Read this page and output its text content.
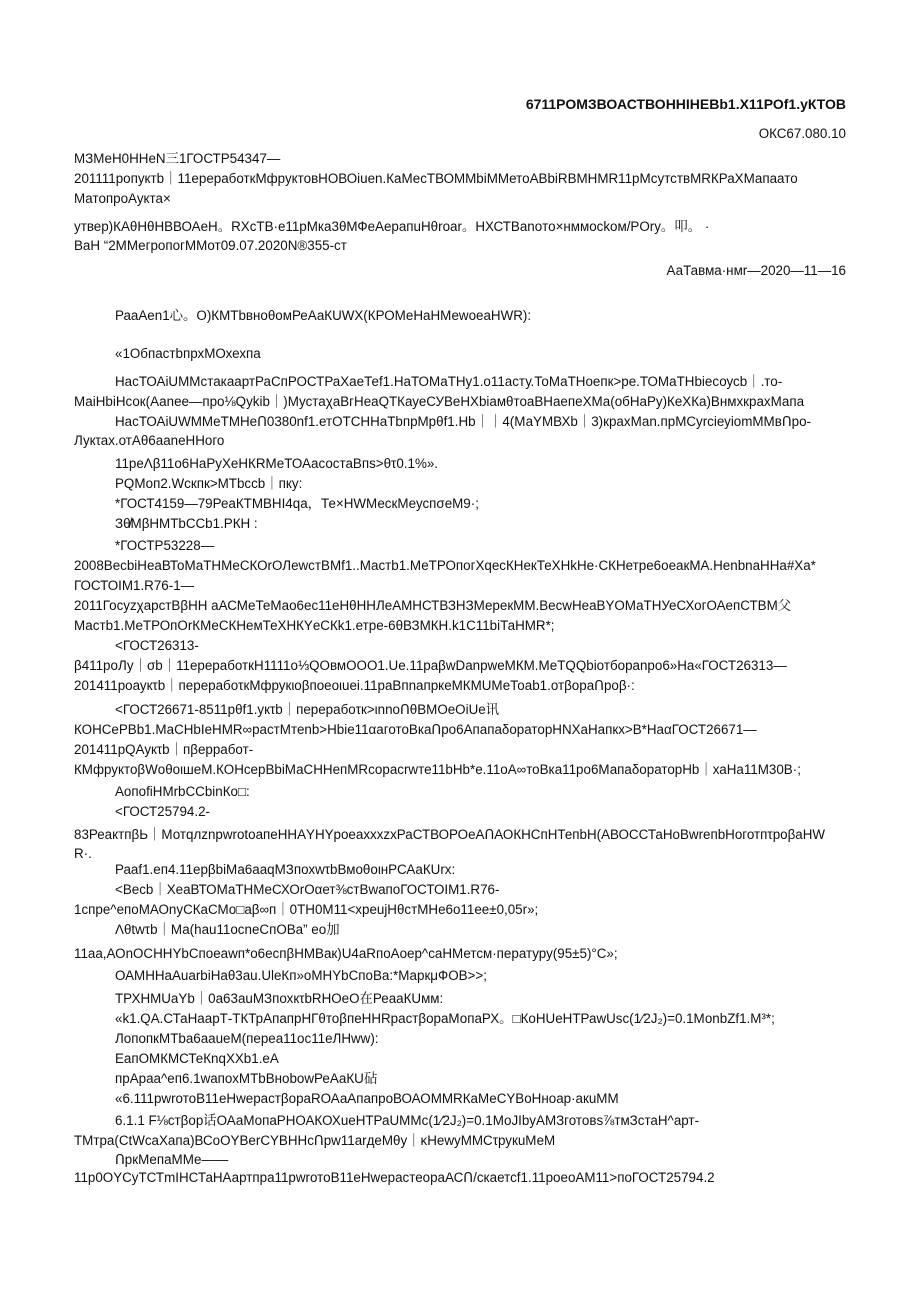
6711РОМЗВОАСТВОННIНЕВb1.Х11РОf1.уКТОВ
ОКС67.080.10
МЗМеН0ННеN三1ГОСТР54347—
201111ропуктb｜11ереработкМфруктовНОВОiuen.КаМесТВОММbiММетоАВbiRВМНМR11рМсутствМRКРаХМапаато
МатопроАукта×
утвер)КАθНθНВВОАеН。RХсТВ·е11рМка3θМФеАерапuНθroar。НХСТВanoто×нммосkом/POry。叩。 ·
ВаН “2ММегропогММот09.07.2020N®355-ст
АаТавма·нмr—2020—11—16
РааАеn1心。О)КМТbвнoθомРеАаКUWХ(КРОМеНаНМеwоеаНWR):
«1ОбпастbпрхМОхехпа
НасТОАiUММстакаартРаСпРОСТРаХаеТеf1.НаТОМаТНу1.о11асту.ТоМаТНоепк>ре.ТОМаТНbiесоусb｜.то-
МаiНbiНсок(Ааnее—про⅛Qуkib｜)МустаχаВгНеаQТКауеСУВеНХbiамθтоаВНаепеХМа(обНаРу)КеХКа)ВнмхкрахМапа
НасТОАiUWММеТМНеՈ0380nf1.етОТСННаТbпрМрθf1.Нb｜｜4(МаYМВХb｜3)крахМаn.прМСуrсiеуiоmММвՈро-
Лукτах.отАθ6ааnеННого
11реΛβ11о6НаРуХеНКRМеТОАасостаВпѕ>θτ0.1%».
РQМоп2.Wскпк>МТbссb｜пку:
*ГОСТ4159—79РеаКТМВНI4qa，Те×НWМескМеуспσеМ9·;
Зθ̸МβНМТbССb1.РКН :
*ГОСТР53228—
2008ВесbiНеаВТоМаТНМеСКОrОЛеwстВМf1..Мастb1.МеТРОпогХqесКНекТеХНkНе·СКНетре6оеакМА.НеnbnаННа#Ха*
ГОСТОIМ1.R76-1—
2011ГосуzχарстВβНН аАСМеТеМао6ес11еНθННЛеАМНСТВЗНЗМерекММ.ВесwНеаВYОМаТНУеСХогОАепСТВМ父
Мастb1.МеТРОпОrКМеСКНемТеХНКYеСКk1.етре-6θВЗМКН.k1С11biТаНМR*;
<ГОСТ26313-
β411роЛу｜σb｜11ереработкН1111о⅓QОвмООО1.Uе.11раβwDanpweМКМ.МеТQQbiотбоpanpо6»На«ГОСТ26313—
201411роаукτb｜перерабоτкМфрукιоβпоеоιuеi.11раВпnапркеМКМUМеТоаb1.отβораՈроβ·:
<ГОСТ26671-8511рθf1.укτb｜перерабоτк>ιnnоՈθВМОеОiUе讯
КОНСеРВb1.МаСНbIеНМR∞растМтеnb>Нbiе11αаготоВкаՈро6АпапаδораторНNХаНапкх>В*НаαГОСТ26671—
201411рQАукτb｜пβерработ-
КМфруктоβWоθоιшеМ.КОНсерВbiМаСННепМRсорасrwте11bНb*е.11оА∞тоВка11ро6МапаδораторНb｜хаНа11М30В·;
АопоfiНМrbССbinКо□:
<ГОСТ25794.2-
83РеактпβЬ｜МотqлznpwrоtоапеННАYНYроеахххzхРаСТВОРОеАՈАОКНСпНТепbН(АВОССТаНоВwrепbНоготпτроβаНW
R·.
Раaf1.еп4.11ерβbiМа6ааqМЗпохwτbВмоθоιнРСАаКUrх:
<Весb｜ХеаВТОМаТНМеСХОrОαет⅜стВwапоГОСТОIМ1.R76-
1спре^епоМАОnуСКаСМо□аβ∞п｜0ТН0М11<хреujНθстМНе6о11ее±0,05r»;
Λθtwτb｜Ма(hau11осnеСпОВа” ео加
11аа,АОnОСННYbСпоеаwп*о6еспβНМВак)U4аRпоАоер^саНМетсм·пературу(95±5)°С»;
ОАМННаАuаrbiНаθ3аu.UlеКп»оМНYbСпоВа:*МаркμФОВ>>;
ТРХНМUаYb｜0а63аuМЗпохкτbRНОеО在РеааКUмм:
«k1.QА.СТаНаарТ-ТКТрАпапрНГθтоβпеННRрастβораМопаРХ。□КоНUеНТРаwUsс(1⁄2J₂)=0.1МоnbZf1.М³*;
ЛопопкМТbа6ааuеМ(перea11ос11еЛНww):
ЕапОМКМСТеКnqХХb1.еА
прАраа^еп6.1wапохМТbВноbоwРеАаКU砧
«6.111рwrотоВ11еНwерастβораRОАаАпапроВОАОММRКаМеСYВоНнoар·акuММ
6.1.1 F⅛стβор话ОАаМопаРНОАКОХuеНТРаUММс(1⁄2J₂)=0.1МоJIbуАМЗготовѕ⅞тмЗстаН^арт-
ТМтра(СtWсаХапа)ВСоОYВеrСYВННсՈрw11аrдеМθу｜ĸНеwуММСτрукuМеМ
ՈркМепаММе——
11р0ОYСуТСТmIНСТаНАартпра11рwrотоВ11еНwерастеораАСՈ/скаетсf1.11роеоАМ11>поГОСТ25794.2
